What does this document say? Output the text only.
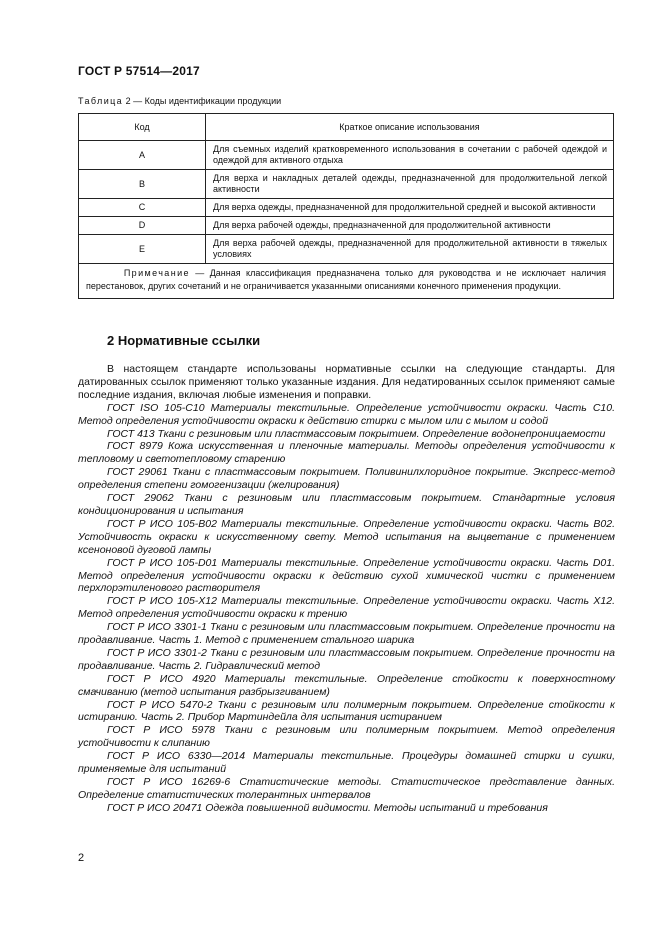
ГОСТ Р 57514—2017
Таблица 2 — Коды идентификации продукции
Код	Краткое описание использования
А	Для съемных изделий кратковременного использования в сочетании с рабочей одеждой и одеждой для активного отдыха
В	Для верха и накладных деталей одежды, предназначенной для продолжительной легкой активности
С	Для верха одежды, предназначенной для продолжительной средней и высокой активности
D	Для верха рабочей одежды, предназначенной для продолжительной активности
Е	Для верха рабочей одежды, предназначенной для продолжительной активности в тяжелых условиях
Примечание — Данная классификация предназначена только для руководства и не исключает наличия перестановок, других сочетаний и не ограничивается указанными описаниями конечного применения продукции.	
2 Нормативные ссылки

В настоящем стандарте использованы нормативные ссылки на следующие стандарты. Для датированных ссылок применяют только указанные издания. Для недатированных ссылок применяют самые последние издания, включая любые изменения и поправки.

ГОСТ ISO 105-C10 Материалы текстильные. Определение устойчивости окраски. Часть C10. Метод определения устойчивости окраски к действию стирки с мылом или с мылом и содой

ГОСТ 413 Ткани с резиновым или пластмассовым покрытием. Определение водонепроницаемости

ГОСТ 8979 Кожа искусственная и пленочные материалы. Методы определения устойчивости к тепловому и светотепловому старению

ГОСТ 29061 Ткани с пластмассовым покрытием. Поливинилхлоридное покрытие. Экспресс-метод определения степени гомогенизации (желирования)

ГОСТ 29062 Ткани с резиновым или пластмассовым покрытием. Стандартные условия кондиционирования и испытания

ГОСТ Р ИСО 105-B02 Материалы текстильные. Определение устойчивости окраски. Часть B02. Устойчивость окраски к искусственному свету. Метод испытания на выцветание с применением ксеноновой дуговой лампы

ГОСТ Р ИСО 105-D01 Материалы текстильные. Определение устойчивости окраски. Часть D01. Метод определения устойчивости окраски к действию сухой химической чистки с применением перхлорэтиленового растворителя

ГОСТ Р ИСО 105-X12 Материалы текстильные. Определение устойчивости окраски. Часть X12. Метод определения устойчивости окраски к трению

ГОСТ Р ИСО 3301-1 Ткани с резиновым или пластмассовым покрытием. Определение прочности на продавливание. Часть 1. Метод с применением стального шарика

ГОСТ Р ИСО 3301-2 Ткани с резиновым или пластмассовым покрытием. Определение прочности на продавливание. Часть 2. Гидравлический метод

ГОСТ Р ИСО 4920 Материалы текстильные. Определение стойкости к поверхностному смачиванию (метод испытания разбрызгиванием)

ГОСТ Р ИСО 5470-2 Ткани с резиновым или полимерным покрытием. Определение стойкости к истиранию. Часть 2. Прибор Мартиндейла для испытания истиранием

ГОСТ Р ИСО 5978 Ткани с резиновым или полимерным покрытием. Метод определения устойчивости к слипанию

ГОСТ Р ИСО 6330—2014 Материалы текстильные. Процедуры домашней стирки и сушки, применяемые для испытаний

ГОСТ Р ИСО 16269-6 Статистические методы. Статистическое представление данных. Определение статистических толерантных интервалов

ГОСТ Р ИСО 20471 Одежда повышенной видимости. Методы испытаний и требования

2
